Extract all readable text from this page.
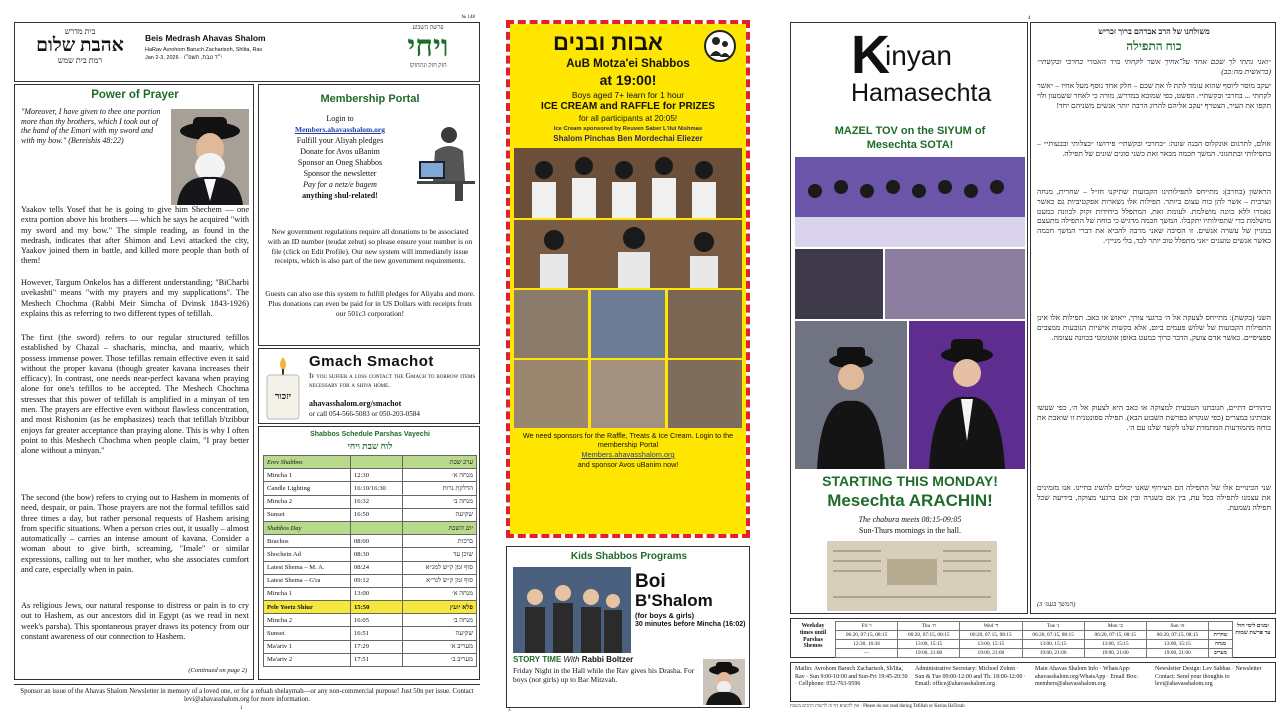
בית מדרש
אהבת שלום
רמת בית שמש
Beis Medrash Ahavas Shalom
HaRav Avrohom Baruch Zacharisoh, Shlita, Rav
Jan 2-3, 2026 · י״ד טבת, תשפ״ו
פרשת השבוע
ויחי
חזק חזק ונתחזק!
№ 148
Power of Prayer
"Moreover, I have given to thee one portion more than thy brothers, which I took out of the hand of the Emori with my sword and with my bow." (Bereishis 48:22)
Yaakov tells Yosef that he is going to give him Shechem — one extra portion above his brothers — which he says he acquired "with my sword and my bow." The simple reading, as found in the medrash, indicates that after Shimon and Levi attacked the city, Yaakov joined them in battle, and killed more people than both of them!
However, Targum Onkelos has a different understanding; "BiCharbi uvekashti" means "with my prayers and my supplications". The Meshech Chochma (Rabbi Meir Simcha of Dvinsk 1843-1926) explains this as referring to two different types of tefillah.
The first (the sword) refers to our regular structured tefillos established by Chazal – shacharis, mincha, and maariv, which possess immense power. Those tefillas remain effective even it said without the proper kavana (though greater kavana increases their efficacy). In contrast, one needs near-perfect kavana when praying alone for one's tefillos to be accepted. The Meshech Chochma stresses that this power of tefillah is amplified in a minyan of ten men. The prayers are effective even without flawless concentration, and most Rishonim (as he emphasizes) teach that tefillah b'tzibbur enjoys far greater acceptance than praying alone. This is why I often point to this Meshech Chochma when people claim, "I pray better alone without a minyan."
The second (the bow) refers to crying out to Hashem in moments of need, despair, or pain. Those prayers are not the formal tefillos said three times a day, but rather personal requests of Hashem arising from specific situations. When a person cries out, it usually – almost automatically – carries an intense amount of kavana. Consider a woman about to give birth, screaming, "Imale" or similar expressions, calling out to her mother, who she associates comfort and care, especially when in pain.
As religious Jews, our natural response to distress or pain is to cry out to Hashem, as our ancestors did in Egypt (as we read in next week's parsha). This spontaneous prayer draws its potency from our constant awareness of our connection to Hashem.
(Continued on page 2)
Membership Portal
Login to
Members.ahavasshalom.org
Fulfill your Aliyah pledges
Donate for Avos uBanim
Sponsor an Oneg Shabbos
Sponsor the newsletter
Pay for a netz/e bagem
anything shul-related!
New government regulations require all donations to be associated with an ID number (teudat zehut) so please ensure your number is on file (click on Edit Profile). Our new system will immediately issue receipts, which is also part of the new government requirements.
Guests can also use this system to fulfill pledges for Aliyahs and more. Plus donations can even be paid for in US Dollars with receipts from our 501c3 corporation!
יזכור
Gmach Smachot
If you suffer a loss contact the Gmach to borrow items necessary for a shiva home.
ahavasshalom.org/smachot
or call 054-566-5083 or 050-203-0584
Shabbos Schedule Parshas Vayechi
לוח שבת ויחי
Erev Shabbos		ערב שבת
Mincha 1	12:30	מנחה א׳
Candle Lighting	16:10/16:30	הדלקת נרות
Mincha 2	16:32	מנחה ב׳
Sunset	16:50	שקיעה
Shabbos Day		יום השבת
Brachos	08:00	ברכות
Shochein Ad	08:30	שוכן עד
Latest Shema – M. A.	08:24	סוף זמן ק״ש למג״א
Latest Shema – G'ra	09:12	סוף זמן ק״ש לגר״א
Mincha 1	13:00	מנחה א׳
Pele Yoetz Shiur	15:50	פלא יועץ
Mincha 2	16:05	מנחה ב׳
Sunset	16:51	שקיעה
Ma'ariv 1	17:29	מעריב א׳
Ma'ariv 2	17:51	מעריב ב׳
Sponsor an issue of the Ahavas Shalom Newsletter in memory of a loved one, or for a refuah shelaymah—or any non-commercial purpose! Just 50n per issue. Contact levi@ahavasshalom.org for more information.
1
אבות ובנים
AuB Motza'ei Shabbos
at 19:00!
Boys aged 7+ learn for 1 hour
ICE CREAM and RAFFLE for PRIZES
for all participants at 20:05!
Ice Cream sponsored by Reuven Saber L'ilui Nishmas
Shalom Pinchas Ben Mordechai Eliezer
We need sponsors for the Raffle, Treats & Ice Cream. Login to the membership Portal
Members.ahavasshalom.org
and sponsor Avos uBanim now!
Kids Shabbos Programs
Boi
B'Shalom
(for boys & girls)
30 minutes before Mincha (16:02)
STORY TIME With Rabbi Boltzer
Friday Night in the Hall while the Rav gives his Drasha. For boys (not girls) up to Bar Mitzvah.
3
K
inyan
Hamasechta
MAZEL TOV on the SIYUM of
Mesechta SOTA!
STARTING THIS MONDAY!
Mesechta ARACHIN!
The chabura meets 08:15-09:05
Sun-Thurs mornings in the hall.
משולחנו של הרב אברהם ברוך זכריש
כוח התפילה
״ואני נתתי לך שכם אחד על־אחיך אשר לקחתי מיד האמרי בחרבי ובקשתי״ (בראשית מח:כב)
יעקב מוסר ליוסף שהוא עומד לתת לו את שכם – חלק אחד נוסף מעל אחיו – ״אשר לקחתי ... בחרבי ובקשתי״. הפשט, כפי שמובא במדרש, מורה כי לאחר ששמעון ולוי תקפו את העיר, הצטרף יעקב אליהם להרוג הרבה יותר אנשים משניהם יחד!
אולם, לתרגום אונקלוס הבנה שונה: ״בחרבי ובקשתי״ פירושו ״בצלותי ובבעותי״ – בתפילותי ובתחנוני. המשך חכמה מבאר זאת כשני סוגים שונים של תפילה.
הראשון (בחרב): מתייחס לתפילותינו הקבועות שתיקנו חז״ל – שחרית, מנחה וערבית – אשר להן כוח עצום ביותר. תפילות אלו נשארות אפקטיביות גם כאשר נאמרו ללא כוונה מושלמת. לעומת זאת, המתפלל ביחידות זקוק לכוונה כמעט מושלמת כדי שתפילותיו יתקבלו. המשך חכמה מדגיש כי כוחה של התפילה מתעצם במניין של עשרה אנשים. זו הסיבה שאני מרבה להביא את דברי המשך חכמה כאשר אנשים טוענים ״אני מתפלל טוב יותר לבד, בלי מניין״.
השני (בקשת): מתייחס לצעקה אל ה׳ ברגעי צורך, ייאוש או כאב. תפילות אלו אינן התפילות הקבועות של שלוש פעמים ביום, אלא בקשות אישיות הנובעות ממצבים ספציפיים. כאשר אדם צועק, הדבר כרוך כמעט באופן אוטומטי בכוונה עצומה.
כיהודים דתיים, תגובתנו הטבעית למצוקה או כאב היא לצעוק אל ה׳, כפי שעשו אבותינו במצרים (כפי שנקרא בפרשת השבוע הבא). תפילה ספונטנית זו שואבת את כוחה מהמודעות המתמדת שלנו לקשר שלנו עם ה׳.
שני הכינויים אלו של התפילה הם הצירוף שאנו יכולים להשיג בחיינו. אנו מזמינים את עצמנו לתפילה בכל עת, בין אם בשגרה ובין אם ברגעי מצוקה, בידיעה שכל תפילה נשמעת.
(המשך בעמ׳ 3)
Weekday times until Parshas Shemos
זמנים לימי חול עד פרשת שמות
Fri ו׳	Thu ה׳	Wed ד׳	Tue ג׳	Mon ב׳	Sun א׳	
06:20, 07:15, 08:15	06:20, 07:15, 08:15	06:20, 07:15, 08:15	06:20, 07:15, 08:15	06:20, 07:15, 08:15	06:20, 07:15, 08:15	שחרית
12:30, 16:36	13:00, 15:15	13:00, 15:15	13:00, 15:15	13:00, 15:15	13:00, 15:15	מנחה
—	19:00, 21:00	19:00, 21:00	19:00, 21:00	19:00, 21:00	19:00, 21:00	מעריב
Mailto: Avrohom Baruch Zacharisoh, Sh'lita, Rav · Sun 9:00-10:00 and Sun-Fri 19:45-20:30 · Cellphone: 052-763-9596
Administrative Secretary: Michoel Zohen · Sun & Tue 09:00-12:00 and Th. 18:00-12:00 · Email: office@ahavasshalom.org
Main Ahavas Shalom Info · WhatsApp: ahavasshalom.org/WhatsApp · Email Box: members@ahavasshalom.org
Newsletter Design: Lev Sabbas · Newsletter Contact: Send your thoughts to levi@ahavasshalom.org
אין להוציא דף זה לרשות הרבים בשבת · Please do not read during Tefillah or Kerias HaTorah
4
